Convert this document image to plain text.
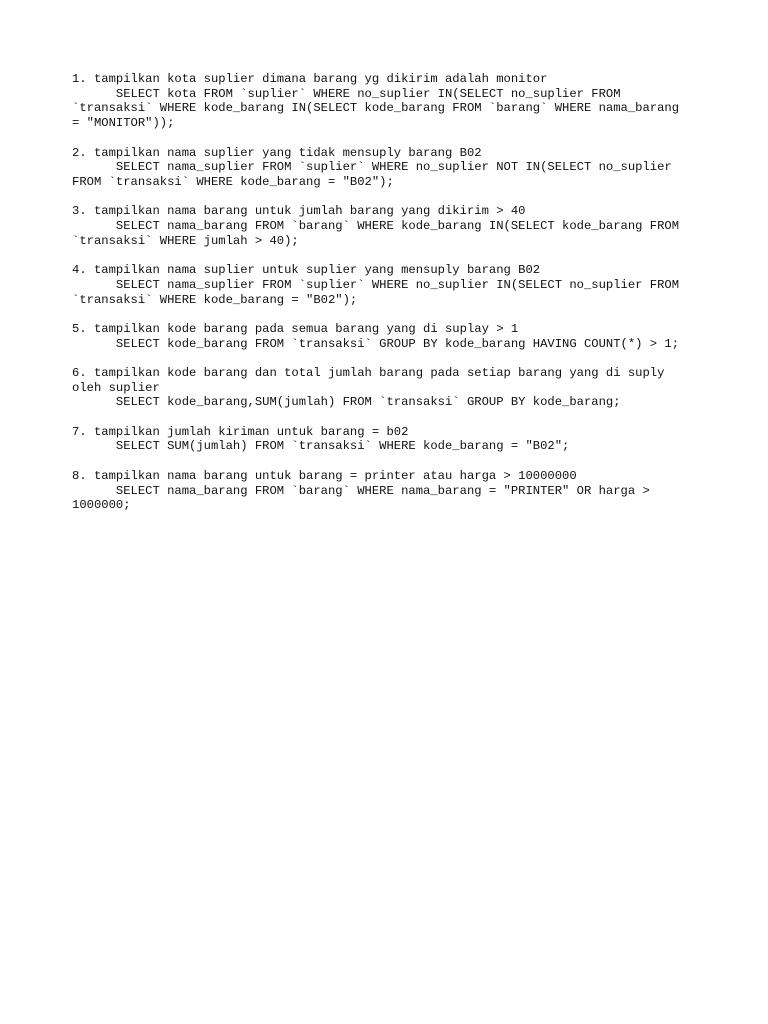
1. tampilkan kota suplier dimana barang yg dikirim adalah monitor
SELECT kota FROM `suplier` WHERE no_suplier IN(SELECT no_suplier FROM
`transaksi` WHERE kode_barang IN(SELECT kode_barang FROM `barang` WHERE nama_barang
= "MONITOR"));
2. tampilkan nama suplier yang tidak mensuply barang B02
SELECT nama_suplier FROM `suplier` WHERE no_suplier NOT IN(SELECT no_suplier
FROM `transaksi` WHERE kode_barang = "B02");
3. tampilkan nama barang untuk jumlah barang yang dikirim > 40
SELECT nama_barang FROM `barang` WHERE kode_barang IN(SELECT kode_barang FROM
`transaksi` WHERE jumlah > 40);
4. tampilkan nama suplier untuk suplier yang mensuply barang B02
SELECT nama_suplier FROM `suplier` WHERE no_suplier IN(SELECT no_suplier FROM
`transaksi` WHERE kode_barang = "B02");
5. tampilkan kode barang pada semua barang yang di suplay > 1
SELECT kode_barang FROM `transaksi` GROUP BY kode_barang HAVING COUNT(*) > 1;
6. tampilkan kode barang dan total jumlah barang pada setiap barang yang di suply
oleh suplier
SELECT kode_barang,SUM(jumlah) FROM `transaksi` GROUP BY kode_barang;
7. tampilkan jumlah kiriman untuk barang = b02
SELECT SUM(jumlah) FROM `transaksi` WHERE kode_barang = "B02";
8. tampilkan nama barang untuk barang = printer atau harga > 10000000
SELECT nama_barang FROM `barang` WHERE nama_barang = "PRINTER" OR harga >
1000000;
